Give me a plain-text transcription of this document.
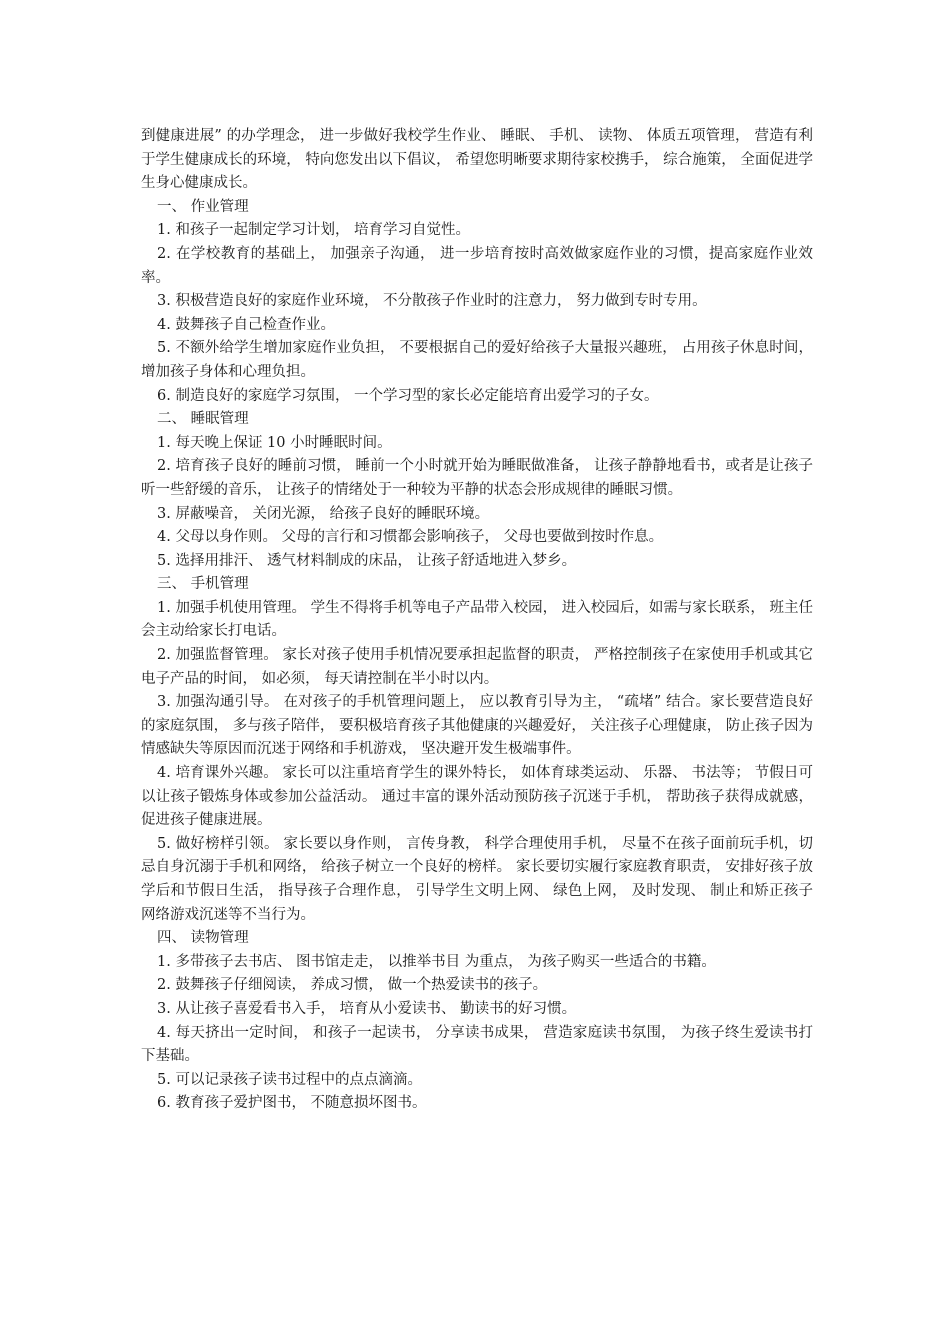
到健康进展” 的办学理念， 进一步做好我校学生作业、 睡眠、 手机、 读物、 体质五项管理， 营造有利于学生健康成长的环境， 特向您发出以下倡议， 希望您明晰要求期待家校携手， 综合施策， 全面促进学生身心健康成长。

一、 作业管理

1. 和孩子一起制定学习计划， 培育学习自觉性。

2. 在学校教育的基础上， 加强亲子沟通， 进一步培育按时高效做家庭作业的习惯，提高家庭作业效率。

3. 积极营造良好的家庭作业环境， 不分散孩子作业时的注意力， 努力做到专时专用。

4. 鼓舞孩子自己检查作业。

5. 不额外给学生增加家庭作业负担， 不要根据自己的爱好给孩子大量报兴趣班， 占用孩子休息时间， 增加孩子身体和心理负担。

6. 制造良好的家庭学习氛围， 一个学习型的家长必定能培育出爱学习的子女。

二、 睡眠管理

1. 每天晚上保证 10 小时睡眠时间。

2. 培育孩子良好的睡前习惯， 睡前一个小时就开始为睡眠做准备， 让孩子静静地看书，或者是让孩子听一些舒缓的音乐， 让孩子的情绪处于一种较为平静的状态会形成规律的睡眠习惯。

3. 屏蔽噪音， 关闭光源， 给孩子良好的睡眠环境。

4. 父母以身作则。 父母的言行和习惯都会影响孩子， 父母也要做到按时作息。

5. 选择用排汗、 透气材料制成的床品， 让孩子舒适地进入梦乡。

三、 手机管理

1. 加强手机使用管理。 学生不得将手机等电子产品带入校园， 进入校园后，如需与家长联系， 班主任会主动给家长打电话。

2. 加强监督管理。 家长对孩子使用手机情况要承担起监督的职责， 严格控制孩子在家使用手机或其它电子产品的时间， 如必须， 每天请控制在半小时以内。

3. 加强沟通引导。 在对孩子的手机管理问题上， 应以教育引导为主， “疏堵” 结合。家长要营造良好的家庭氛围， 多与孩子陪伴， 要积极培育孩子其他健康的兴趣爱好， 关注孩子心理健康， 防止孩子因为情感缺失等原因而沉迷于网络和手机游戏， 坚决避开发生极端事件。

4. 培育课外兴趣。 家长可以注重培育学生的课外特长， 如体育球类运动、 乐器、 书法等； 节假日可以让孩子锻炼身体或参加公益活动。 通过丰富的课外活动预防孩子沉迷于手机， 帮助孩子获得成就感， 促进孩子健康进展。

5. 做好榜样引领。 家长要以身作则， 言传身教， 科学合理使用手机， 尽量不在孩子面前玩手机，切忌自身沉溺于手机和网络， 给孩子树立一个良好的榜样。 家长要切实履行家庭教育职责， 安排好孩子放学后和节假日生活， 指导孩子合理作息， 引导学生文明上网、 绿色上网， 及时发现、 制止和矫正孩子网络游戏沉迷等不当行为。

四、 读物管理

1. 多带孩子去书店、 图书馆走走， 以推举书目 为重点， 为孩子购买一些适合的书籍。

2. 鼓舞孩子仔细阅读， 养成习惯， 做一个热爱读书的孩子。

3. 从让孩子喜爱看书入手， 培育从小爱读书、 勤读书的好习惯。

4. 每天挤出一定时间， 和孩子一起读书， 分享读书成果， 营造家庭读书氛围， 为孩子终生爱读书打下基础。

5. 可以记录孩子读书过程中的点点滴滴。

6. 教育孩子爱护图书， 不随意损坏图书。
